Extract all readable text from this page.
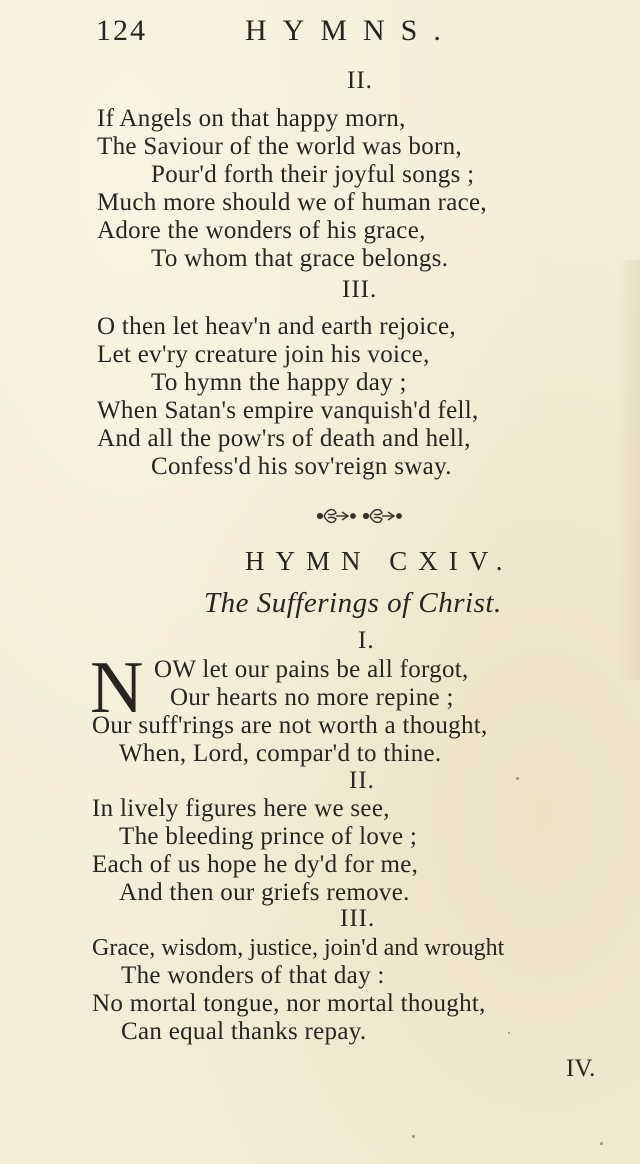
124	HYMNS.
II.
If Angels on that happy morn,
The Saviour of the world was born,
Pour'd forth their joyful songs ;
Much more should we of human race,
Adore the wonders of his grace,
To whom that grace belongs.
III.
O then let heav'n and earth rejoice,
Let ev'ry creature join his voice,
To hymn the happy day ;
When Satan's empire vanquish'd fell,
And all the pow'rs of death and hell,
Confess'd his sov'reign sway.
HYMN CXIV.
The Sufferings of Christ.
I.
N OW let our pains be all forgot,
Our hearts no more repine ;
Our suff'rings are not worth a thought,
When, Lord, compar'd to thine.
II.
In lively figures here we see,
The bleeding prince of love ;
Each of us hope he dy'd for me,
And then our griefs remove.
III.
Grace, wisdom, justice, join'd and wrought
The wonders of that day :
No mortal tongue, nor mortal thought,
Can equal thanks repay.
IV.
